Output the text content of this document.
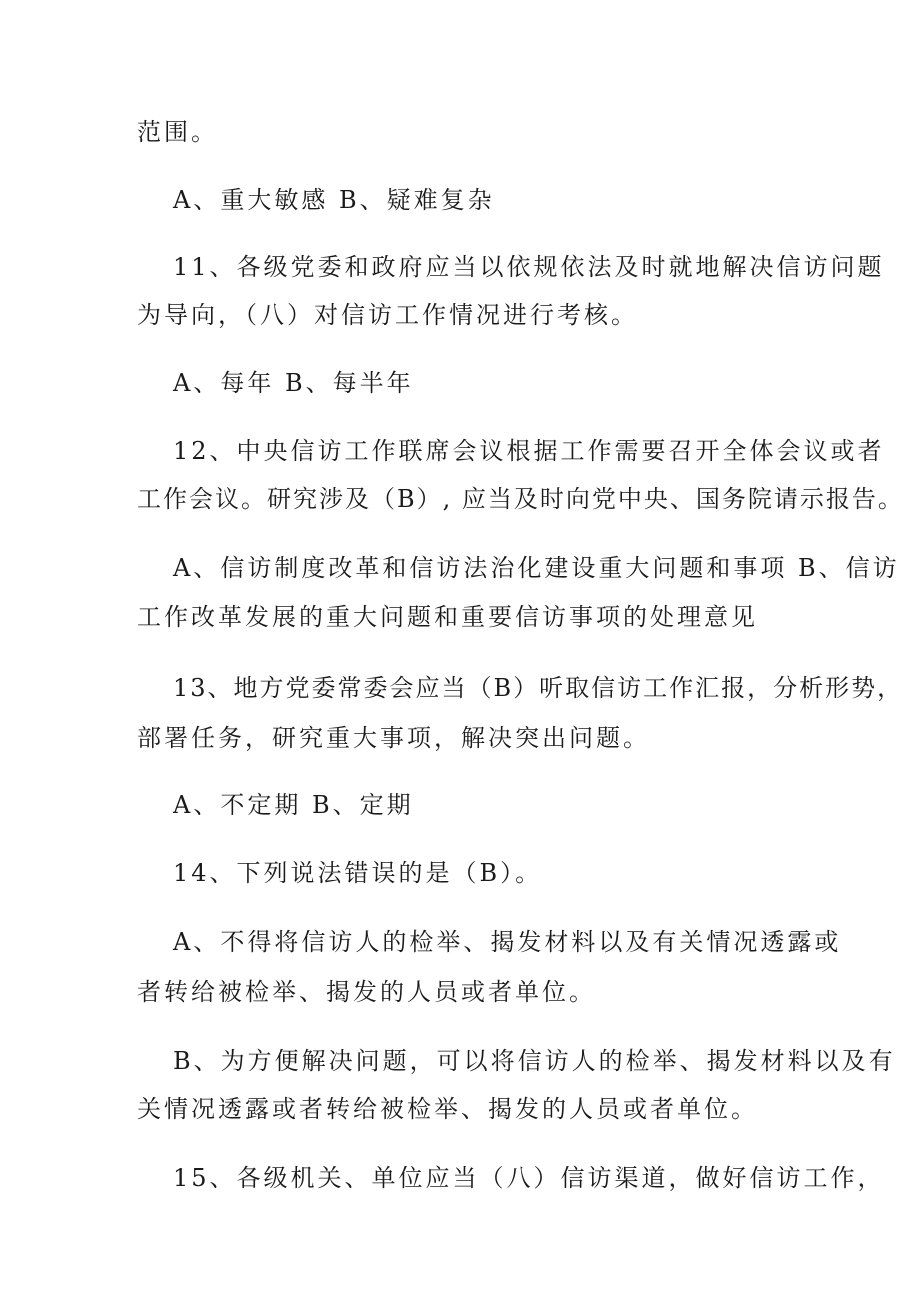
范围。
A、重大敏感 B、疑难复杂
11、各级党委和政府应当以依规依法及时就地解决信访问题
为导向，（八）对信访工作情况进行考核。
A、每年 B、每半年
12、中央信访工作联席会议根据工作需要召开全体会议或者
工作会议。研究涉及（B）, 应当及时向党中央、国务院请示报告。
A、信访制度改革和信访法治化建设重大问题和事项 B、信访
工作改革发展的重大问题和重要信访事项的处理意见
13、地方党委常委会应当（B）听取信访工作汇报，分析形势，
部署任务，研究重大事项，解决突出问题。
A、不定期 B、定期
14、下列说法错误的是（B）。
A、不得将信访人的检举、揭发材料以及有关情况透露或
者转给被检举、揭发的人员或者单位。
B、为方便解决问题，可以将信访人的检举、揭发材料以及有
关情况透露或者转给被检举、揭发的人员或者单位。
15、各级机关、单位应当（八）信访渠道，做好信访工作，
